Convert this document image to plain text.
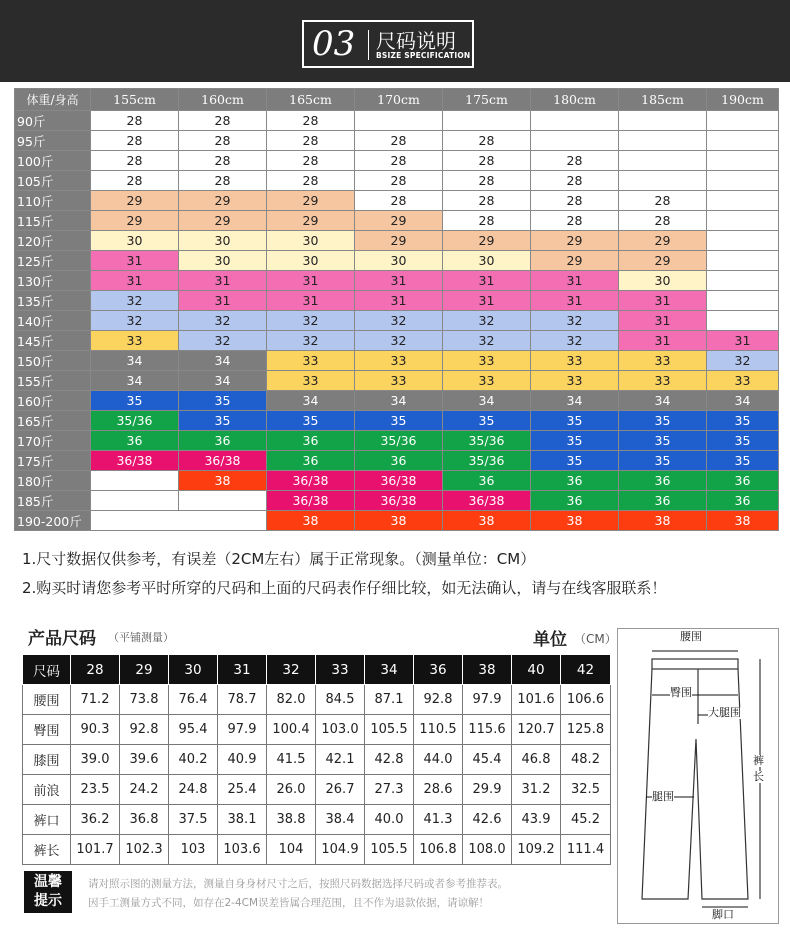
03 尺码说明
BSIZE SPECIFICATION
体重/身高	155cm	160cm	165cm	170cm	175cm	180cm	185cm	190cm
90斤	28	28	28					
95斤	28	28	28	28	28			
100斤	28	28	28	28	28	28		
105斤	28	28	28	28	28	28		
110斤	29	29	29	28	28	28	28	
115斤	29	29	29	29	28	28	28	
120斤	30	30	30	29	29	29	29	
125斤	31	30	30	30	30	29	29	
130斤	31	31	31	31	31	31	30	
135斤	32	31	31	31	31	31	31	
140斤	32	32	32	32	32	32	31	
145斤	33	32	32	32	32	32	31	31
150斤	34	34	33	33	33	33	33	32
155斤	34	34	33	33	33	33	33	33
160斤	35	35	34	34	34	34	34	34
165斤	35/36	35	35	35	35	35	35	35
170斤	36	36	36	35/36	35/36	35	35	35
175斤	36/38	36/38	36	36	35/36	35	35	35
180斤		38	36/38	36/38	36	36	36	36
185斤			36/38	36/38	36/38	36	36	36
190-200斤			38	38	38	38	38	38
1.尺寸数据仅供参考，有误差（2CM左右）属于正常现象。（测量单位：CM）
2.购买时请您参考平时所穿的尺码和上面的尺码表作仔细比较，如无法确认，请与在线客服联系！
产品尺码 （平铺测量）	单位 （CM）
尺码	28	29	30	31	32	33	34	36	38	40	42
腰围	71.2	73.8	76.4	78.7	82.0	84.5	87.1	92.8	97.9	101.6	106.6
臀围	90.3	92.8	95.4	97.9	100.4	103.0	105.5	110.5	115.6	120.7	125.8
膝围	39.0	39.6	40.2	40.9	41.5	42.1	42.8	44.0	45.4	46.8	48.2
前浪	23.5	24.2	24.8	25.4	26.0	26.7	27.3	28.6	29.9	31.2	32.5
裤口	36.2	36.8	37.5	38.1	38.8	38.4	40.0	41.3	42.6	43.9	45.2
裤长	101.7	102.3	103	103.6	104	104.9	105.5	106.8	108.0	109.2	111.4
腰围
臀围
大腿围
裤
长
腿围
脚口
温馨
提示
请对照示图的测量方法，测量自身身材尺寸之后，按照尺码数据选择尺码或者参考推荐表。
因手工测量方式不同，如存在2-4CM误差皆属合理范围，且不作为退款依据，请谅解！
